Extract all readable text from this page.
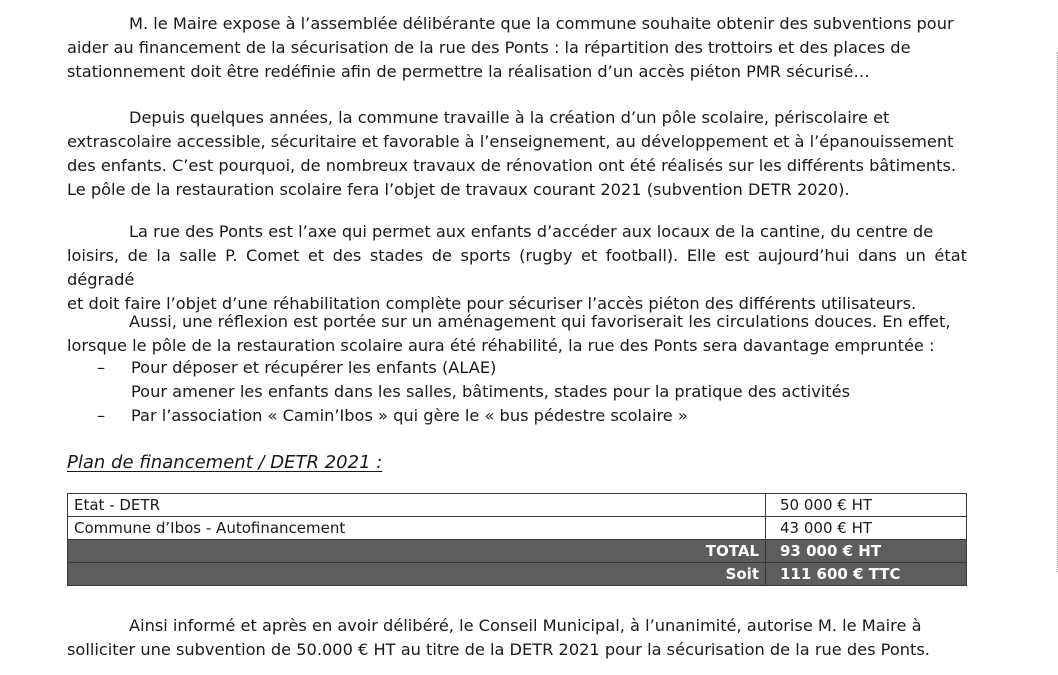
M. le Maire expose à l’assemblée délibérante que la commune souhaite obtenir des subventions pour
aider au financement de la sécurisation de la rue des Ponts : la répartition des trottoirs et des places de
stationnement doit être redéfinie afin de permettre la réalisation d’un accès piéton PMR sécurisé…

Depuis quelques années, la commune travaille à la création d’un pôle scolaire, périscolaire et
extrascolaire accessible, sécuritaire et favorable à l’enseignement, au développement et à l’épanouissement
des enfants. C’est pourquoi, de nombreux travaux de rénovation ont été réalisés sur les différents bâtiments.
Le pôle de la restauration scolaire fera l’objet de travaux courant 2021 (subvention DETR 2020).

La rue des Ponts est l’axe qui permet aux enfants d’accéder aux locaux de la cantine, du centre de
loisirs, de la salle P. Comet et des stades de sports (rugby et football). Elle est aujourd’hui dans un état dégradé
et doit faire l’objet d’une réhabilitation complète pour sécuriser l’accès piéton des différents utilisateurs.

Aussi, une réflexion est portée sur un aménagement qui favoriserait les circulations douces. En effet,
lorsque le pôle de la restauration scolaire aura été réhabilité, la rue des Ponts sera davantage empruntée :

– Pour déposer et récupérer les enfants (ALAE)
Pour amener les enfants dans les salles, bâtiments, stades pour la pratique des activités
– Par l’association « Camin’Ibos » qui gère le « bus pédestre scolaire »
Plan de financement / DETR 2021 :
Etat - DETR	50 000 € HT
Commune d’Ibos - Autofinancement	43 000 € HT
TOTAL	93 000 € HT
Soit	111 600 € TTC

Ainsi informé et après en avoir délibéré, le Conseil Municipal, à l’unanimité, autorise M. le Maire à
solliciter une subvention de 50.000 € HT au titre de la DETR 2021 pour la sécurisation de la rue des Ponts.
